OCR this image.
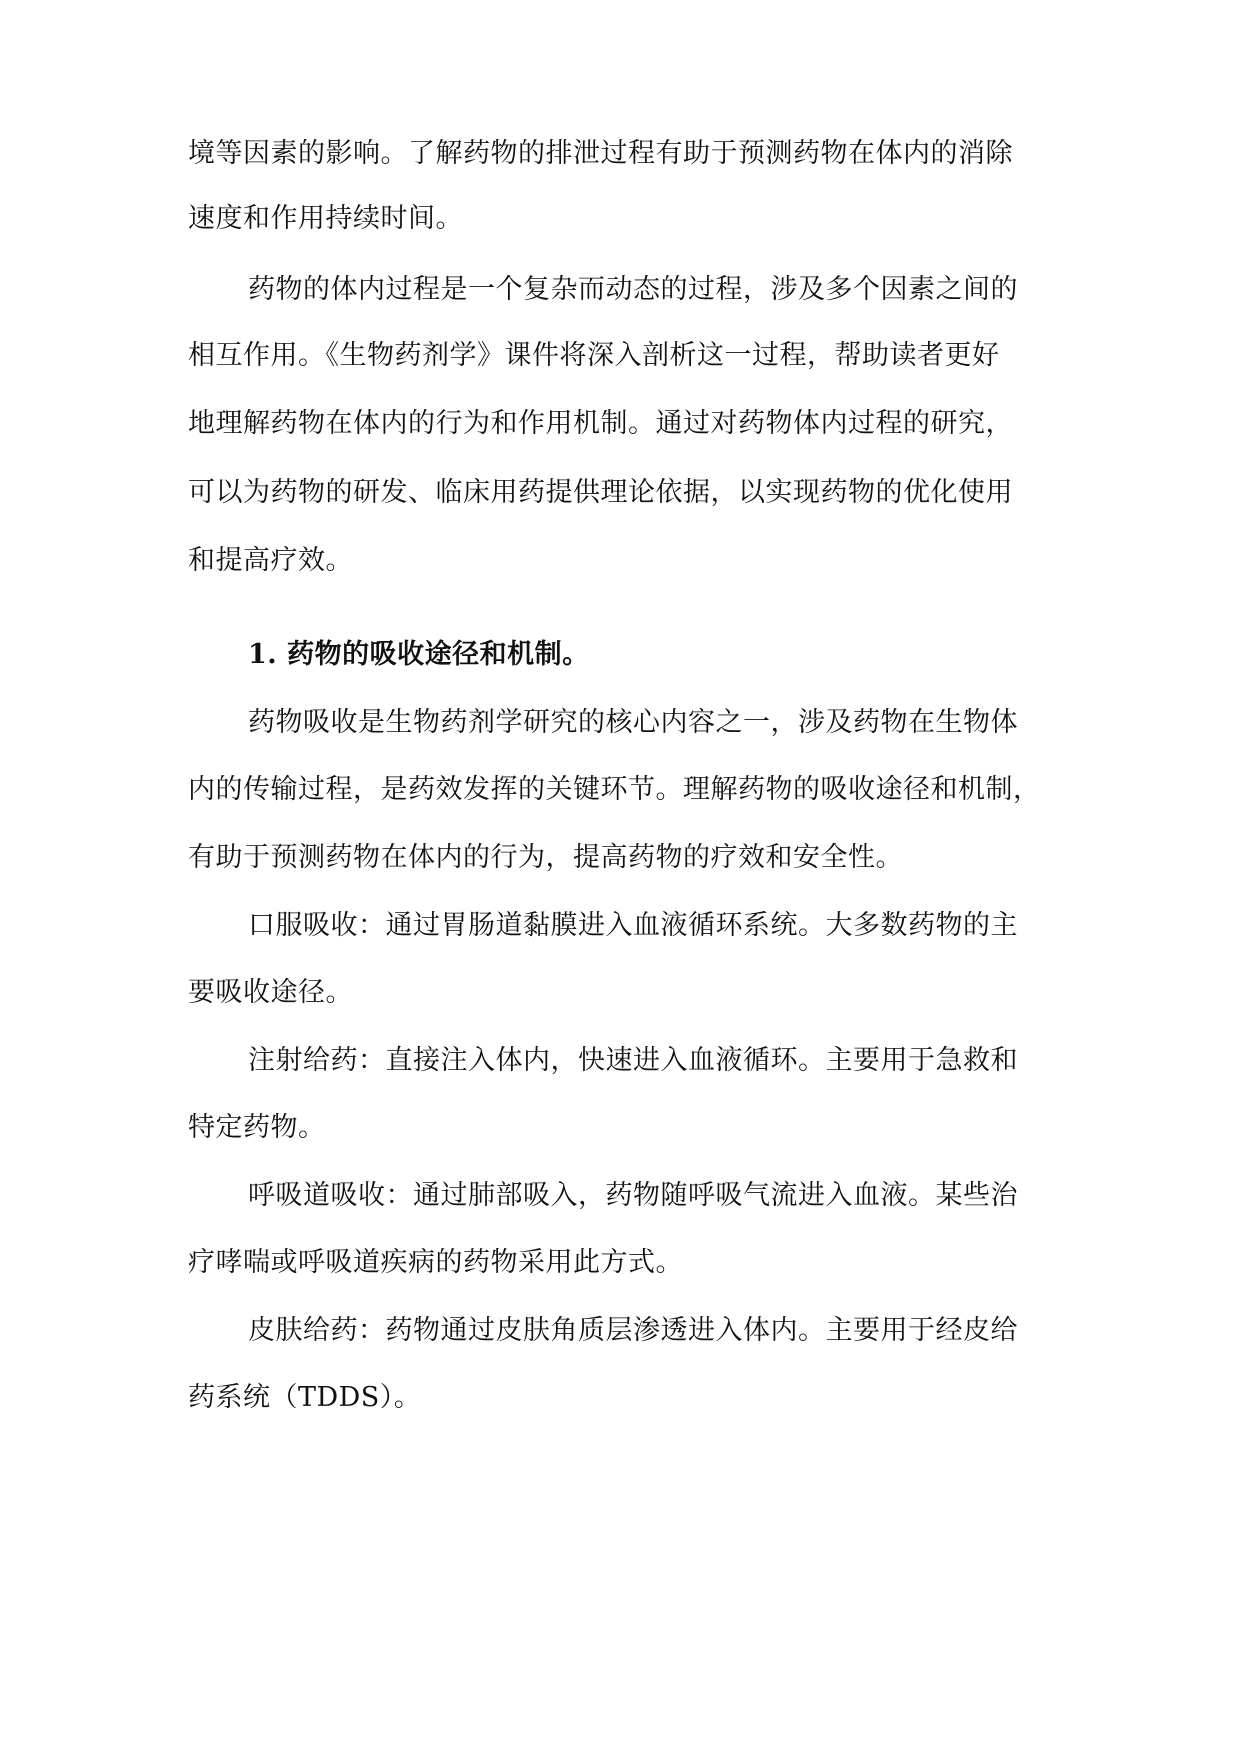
境等因素的影响。了解药物的排泄过程有助于预测药物在体内的消除

速度和作用持续时间。

药物的体内过程是一个复杂而动态的过程，涉及多个因素之间的

相互作用。《生物药剂学》课件将深入剖析这一过程，帮助读者更好

地理解药物在体内的行为和作用机制。通过对药物体内过程的研究，

可以为药物的研发、临床用药提供理论依据，以实现药物的优化使用

和提高疗效。

1. 药物的吸收途径和机制。

药物吸收是生物药剂学研究的核心内容之一，涉及药物在生物体

内的传输过程，是药效发挥的关键环节。理解药物的吸收途径和机制，

有助于预测药物在体内的行为，提高药物的疗效和安全性。

口服吸收：通过胃肠道黏膜进入血液循环系统。大多数药物的主

要吸收途径。

注射给药：直接注入体内，快速进入血液循环。主要用于急救和

特定药物。

呼吸道吸收：通过肺部吸入，药物随呼吸气流进入血液。某些治

疗哮喘或呼吸道疾病的药物采用此方式。

皮肤给药：药物通过皮肤角质层渗透进入体内。主要用于经皮给

药系统（TDDS）。
